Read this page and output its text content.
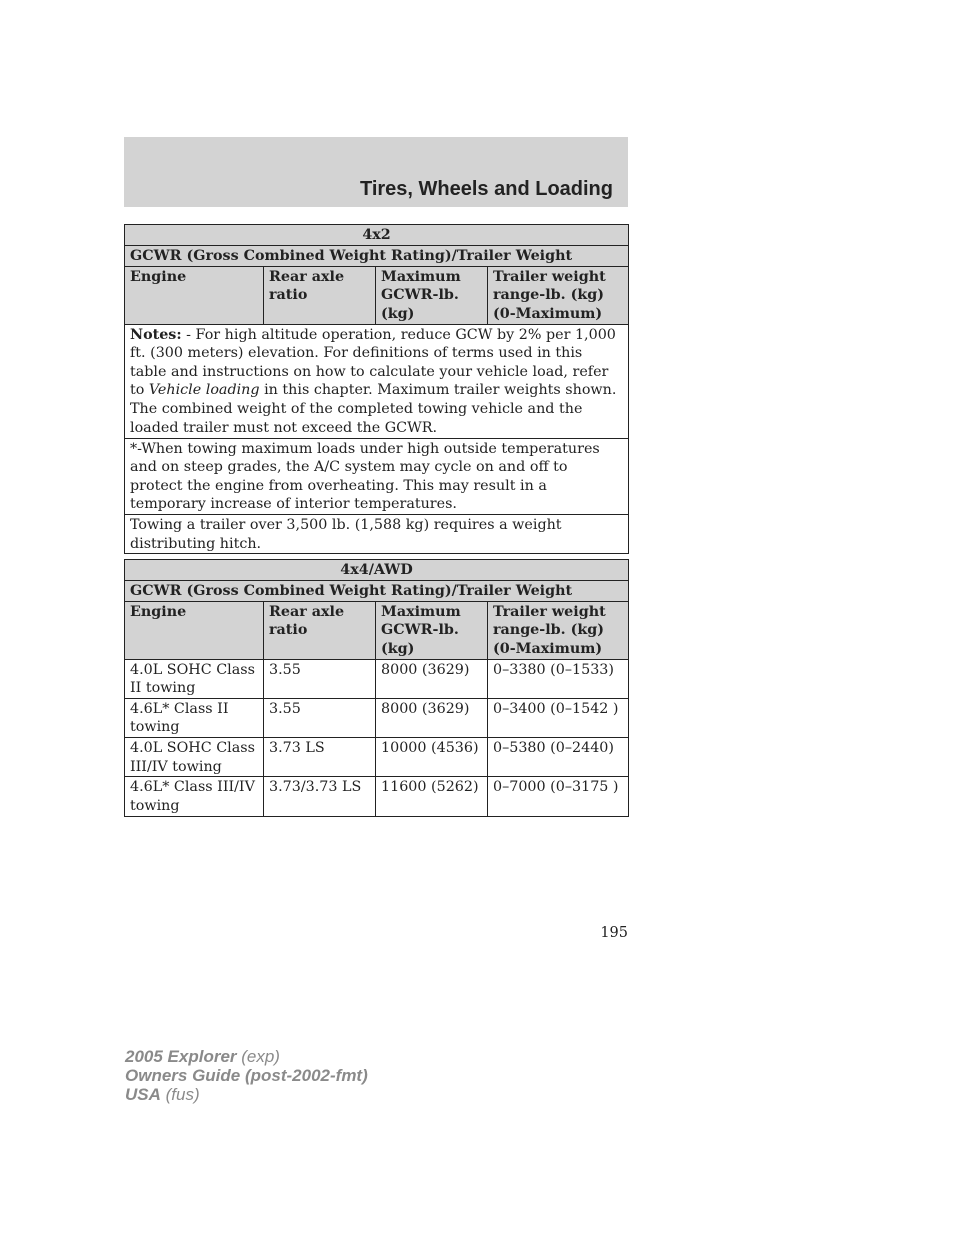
Tires, Wheels and Loading
4x2
GCWR (Gross Combined Weight Rating)/Trailer Weight
Engine	Rear axle ratio	Maximum GCWR-lb. (kg)	Trailer weight range-lb. (kg) (0-Maximum)
Notes: - For high altitude operation, reduce GCW by 2% per 1,000 ft. (300 meters) elevation. For definitions of terms used in this table and instructions on how to calculate your vehicle load, refer to Vehicle loading in this chapter. Maximum trailer weights shown. The combined weight of the completed towing vehicle and the loaded trailer must not exceed the GCWR.
*-When towing maximum loads under high outside temperatures and on steep grades, the A/C system may cycle on and off to protect the engine from overheating. This may result in a temporary increase of interior temperatures.
Towing a trailer over 3,500 lb. (1,588 kg) requires a weight distributing hitch.
4x4/AWD			
GCWR (Gross Combined Weight Rating)/Trailer Weight			
Engine	Rear axle ratio	Maximum GCWR-lb. (kg)	Trailer weight range-lb. (kg) (0-Maximum)
4.0L SOHC Class II towing	3.55	8000 (3629)	0–3380 (0–1533)
4.6L* Class II towing	3.55	8000 (3629)	0–3400 (0–1542 )
4.0L SOHC Class III/IV towing	3.73 LS	10000 (4536)	0–5380 (0–2440)
4.6L* Class III/IV towing	3.73/3.73 LS	11600 (5262)	0–7000 (0–3175 )
195
2005 Explorer (exp)
Owners Guide (post-2002-fmt)
USA (fus)
